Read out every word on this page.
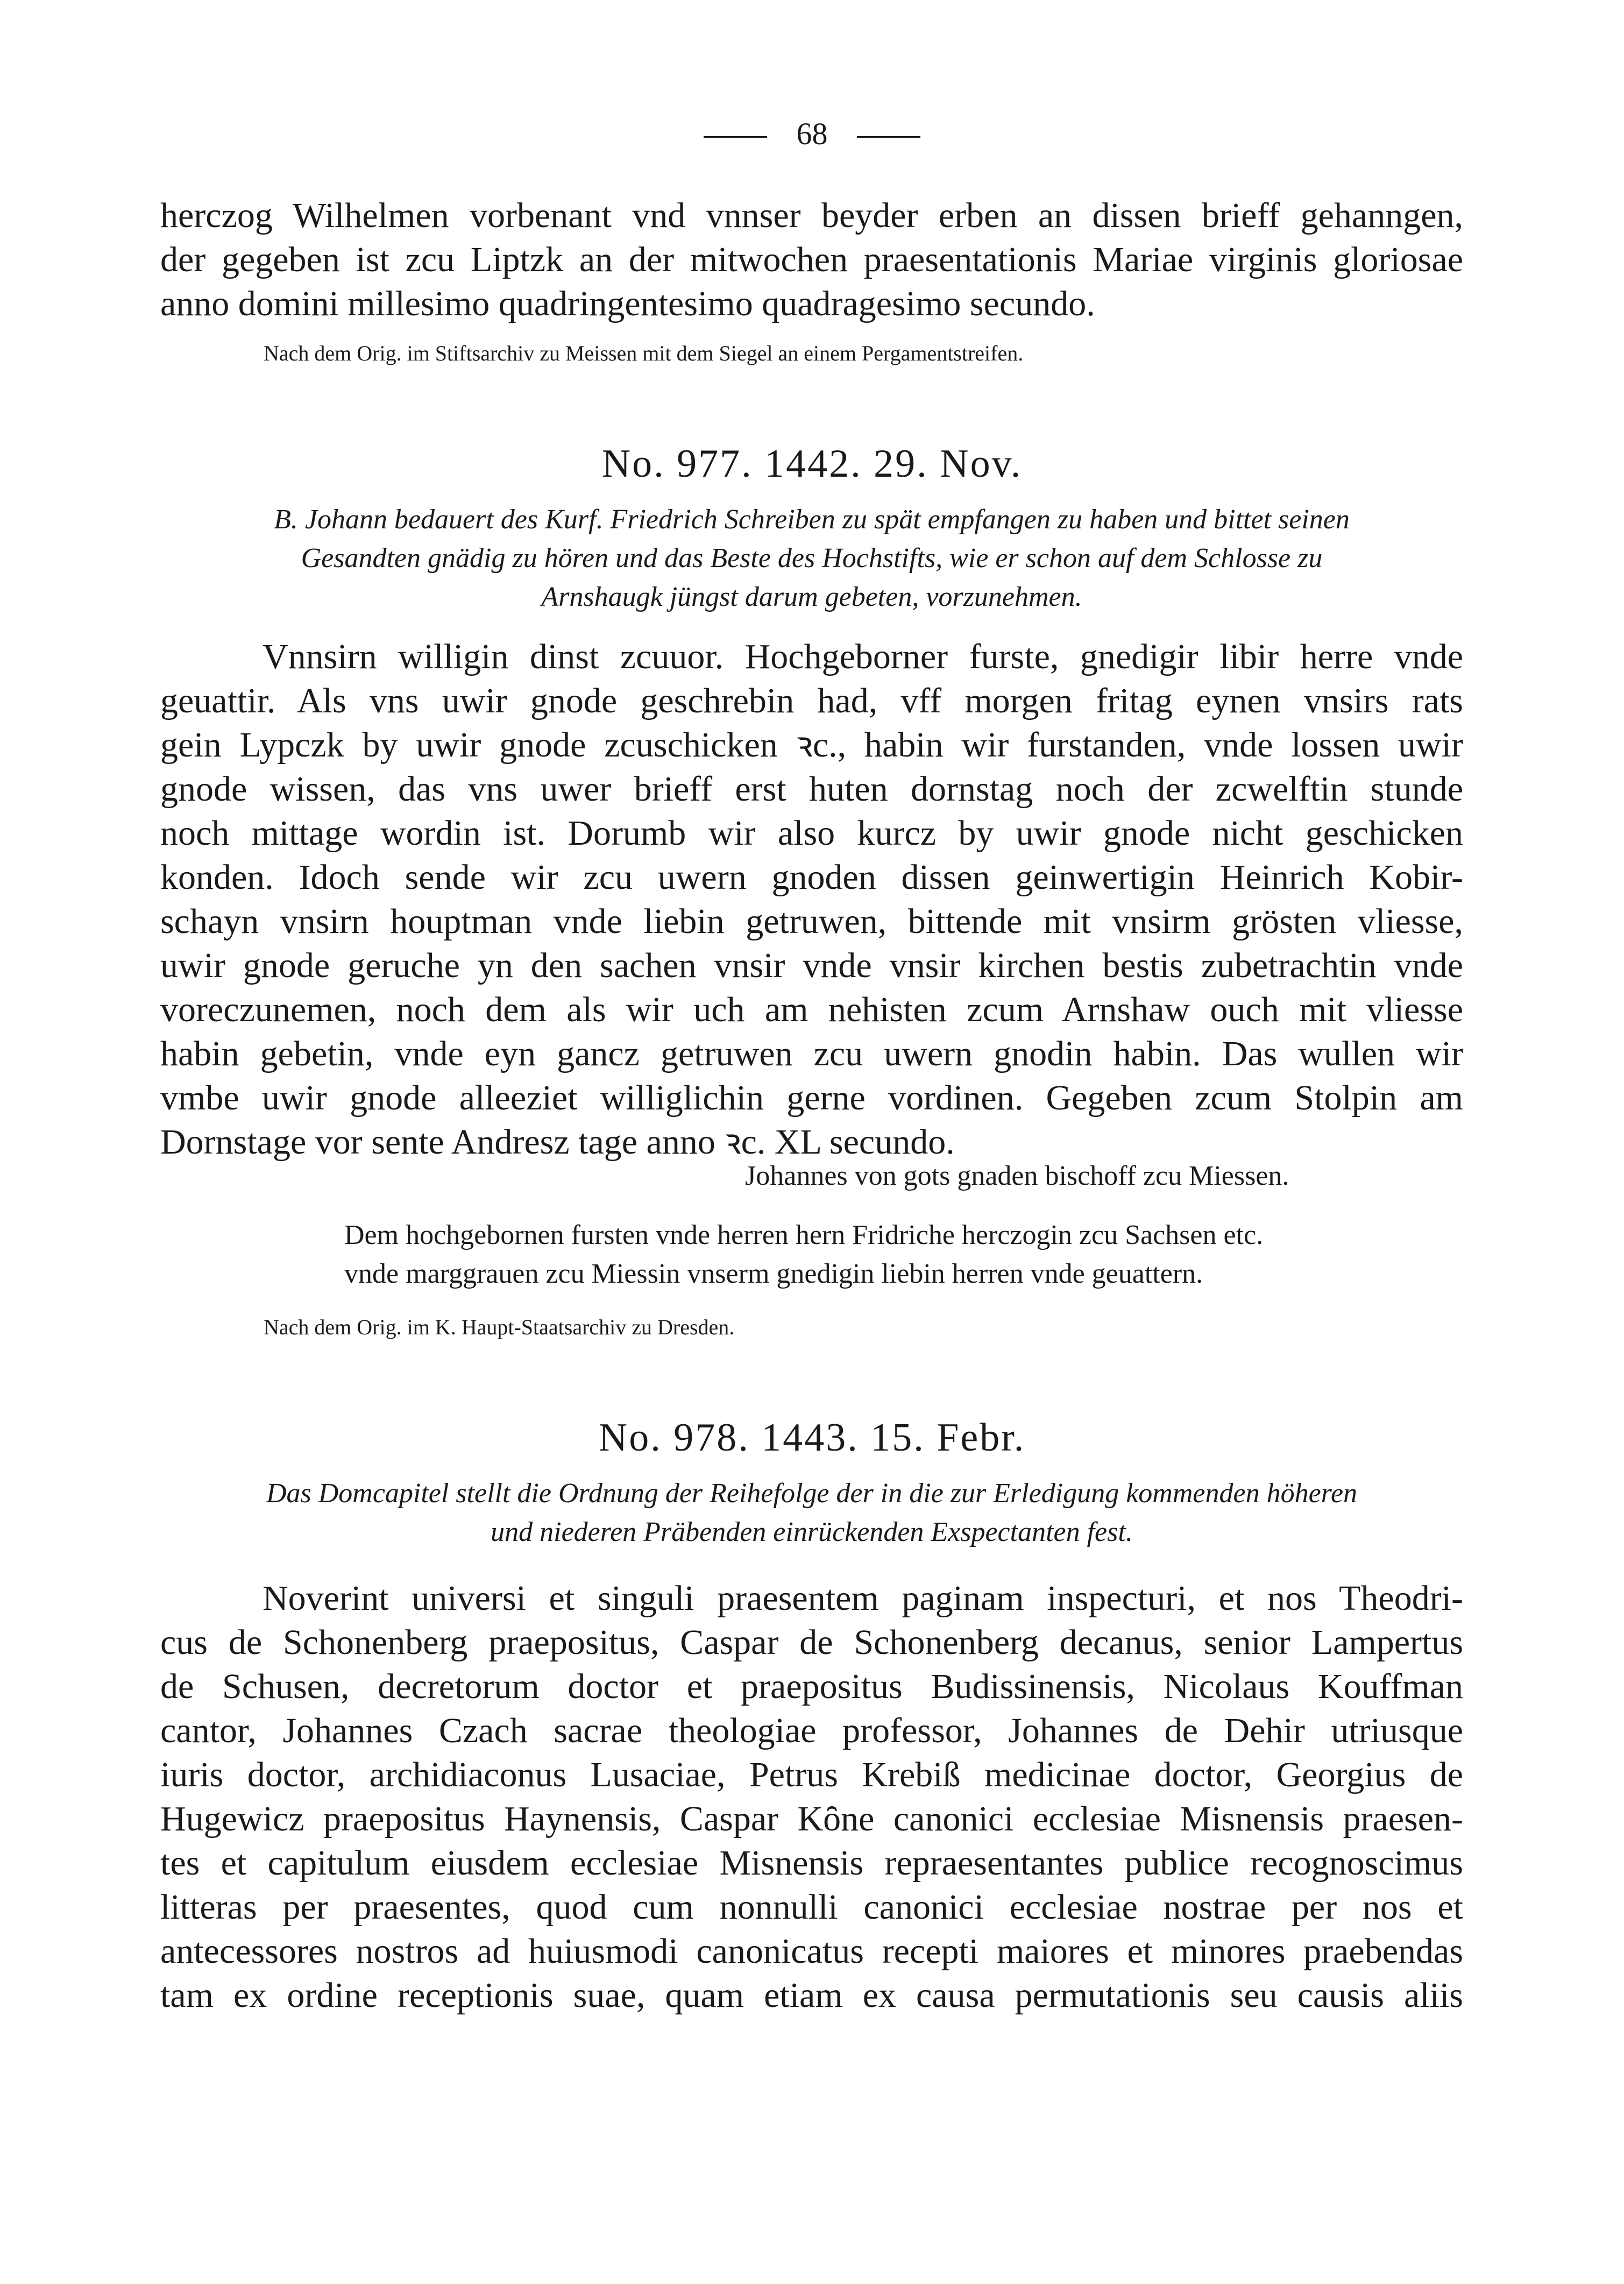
68
herczog Wilhelmen vorbenant vnd vnnser beyder erben an dissen brieff gehanngen,
der gegeben ist zcu Liptzk an der mitwochen praesentationis Mariae virginis gloriosae
anno domini millesimo quadringentesimo quadragesimo secundo.
Nach dem Orig. im Stiftsarchiv zu Meissen mit dem Siegel an einem Pergamentstreifen.
No. 977. 1442. 29. Nov.
B. Johann bedauert des Kurf. Friedrich Schreiben zu spät empfangen zu haben und bittet seinen
Gesandten gnädig zu hören und das Beste des Hochstifts, wie er schon auf dem Schlosse zu
Arnshaugk jüngst darum gebeten, vorzunehmen.
Vnnsirn willigin dinst zcuuor. Hochgeborner furste, gnedigir libir herre vnde
geuattir. Als vns uwir gnode geschrebin had, vff morgen fritag eynen vnsirs rats
gein Lypczk by uwir gnode zcuschicken ꝛc., habin wir furstanden, vnde lossen uwir
gnode wissen, das vns uwer brieff erst huten dornstag noch der zcwelftin stunde
noch mittage wordin ist. Dorumb wir also kurcz by uwir gnode nicht geschicken
konden. Idoch sende wir zcu uwern gnoden dissen geinwertigin Heinrich Kobir-
schayn vnsirn houptman vnde liebin getruwen, bittende mit vnsirm grösten vliesse,
uwir gnode geruche yn den sachen vnsir vnde vnsir kirchen bestis zubetrachtin vnde
voreczunemen, noch dem als wir uch am nehisten zcum Arnshaw ouch mit vliesse
habin gebetin, vnde eyn gancz getruwen zcu uwern gnodin habin. Das wullen wir
vmbe uwir gnode alleeziet williglichin gerne vordinen. Gegeben zcum Stolpin am
Dornstage vor sente Andresz tage anno ꝛc. XL secundo.
Johannes von gots gnaden bischoff zcu Miessen.
Dem hochgebornen fursten vnde herren hern Fridriche herczogin zcu Sachsen etc.
vnde marggrauen zcu Miessin vnserm gnedigin liebin herren vnde geuattern.
Nach dem Orig. im K. Haupt-Staatsarchiv zu Dresden.
No. 978. 1443. 15. Febr.
Das Domcapitel stellt die Ordnung der Reihefolge der in die zur Erledigung kommenden höheren
und niederen Präbenden einrückenden Exspectanten fest.
Noverint universi et singuli praesentem paginam inspecturi, et nos Theodri-
cus de Schonenberg praepositus, Caspar de Schonenberg decanus, senior Lampertus
de Schusen, decretorum doctor et praepositus Budissinensis, Nicolaus Kouffman
cantor, Johannes Czach sacrae theologiae professor, Johannes de Dehir utriusque
iuris doctor, archidiaconus Lusaciae, Petrus Krebiß medicinae doctor, Georgius de
Hugewicz praepositus Haynensis, Caspar Kȏne canonici ecclesiae Misnensis praesen-
tes et capitulum eiusdem ecclesiae Misnensis repraesentantes publice recognoscimus
litteras per praesentes, quod cum nonnulli canonici ecclesiae nostrae per nos et
antecessores nostros ad huiusmodi canonicatus recepti maiores et minores praebendas
tam ex ordine receptionis suae, quam etiam ex causa permutationis seu causis aliis
